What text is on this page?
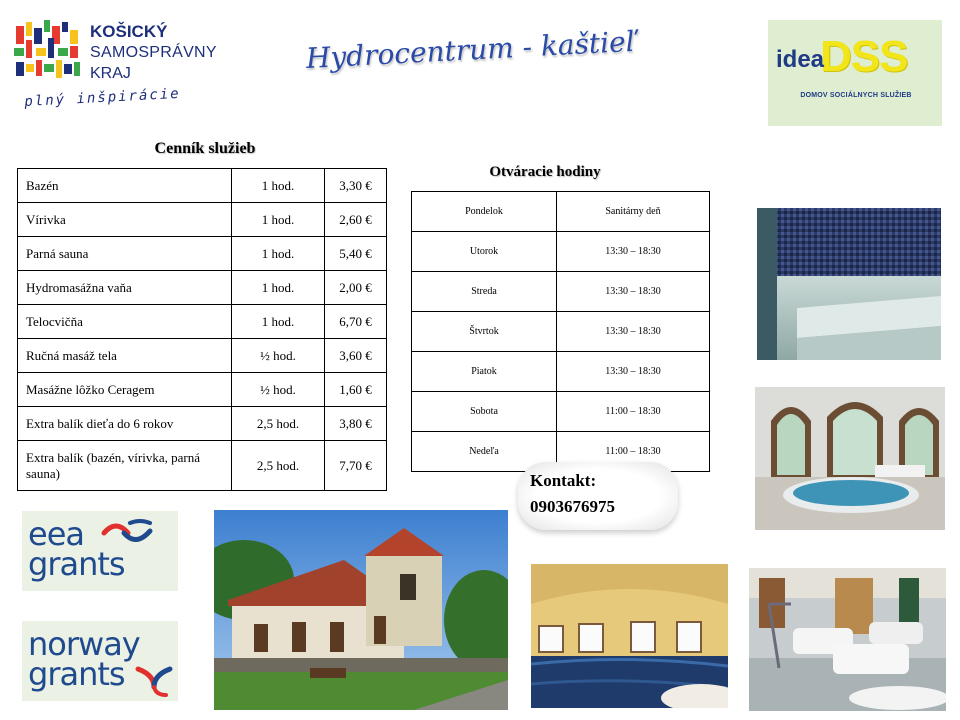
KOŠICKÝ
SAMOSPRÁVNY
KRAJ
plný inšpirácie
Hydrocentrum - kaštieľ	DSS
idea
DOMOV SOCIÁLNYCH SLUŽIEB
Cenník služieb
Bazén	1 hod.	3,30 €
Vírivka	1 hod.	2,60 €
Parná sauna	1 hod.	5,40 €
Hydromasážna vaňa	1 hod.	2,00 €
Telocvičňa	1 hod.	6,70 €
Ručná masáž tela	½ hod.	3,60 €
Masážne lôžko Ceragem	½ hod.	1,60 €
Extra balík dieťa do 6 rokov	2,5 hod.	3,80 €
Extra balík (bazén, vírivka, parná sauna)	2,5 hod.	7,70 €
Otváracie hodiny
Pondelok	Sanitárny deň
Utorok	13:30 – 18:30
Streda	13:30 – 18:30
Štvrtok	13:30 – 18:30
Piatok	13:30 – 18:30
Sobota	11:00 – 18:30
Nedeľa	11:00 – 18:30
Kontakt:
0903676975
eea
grants
norway
grants
